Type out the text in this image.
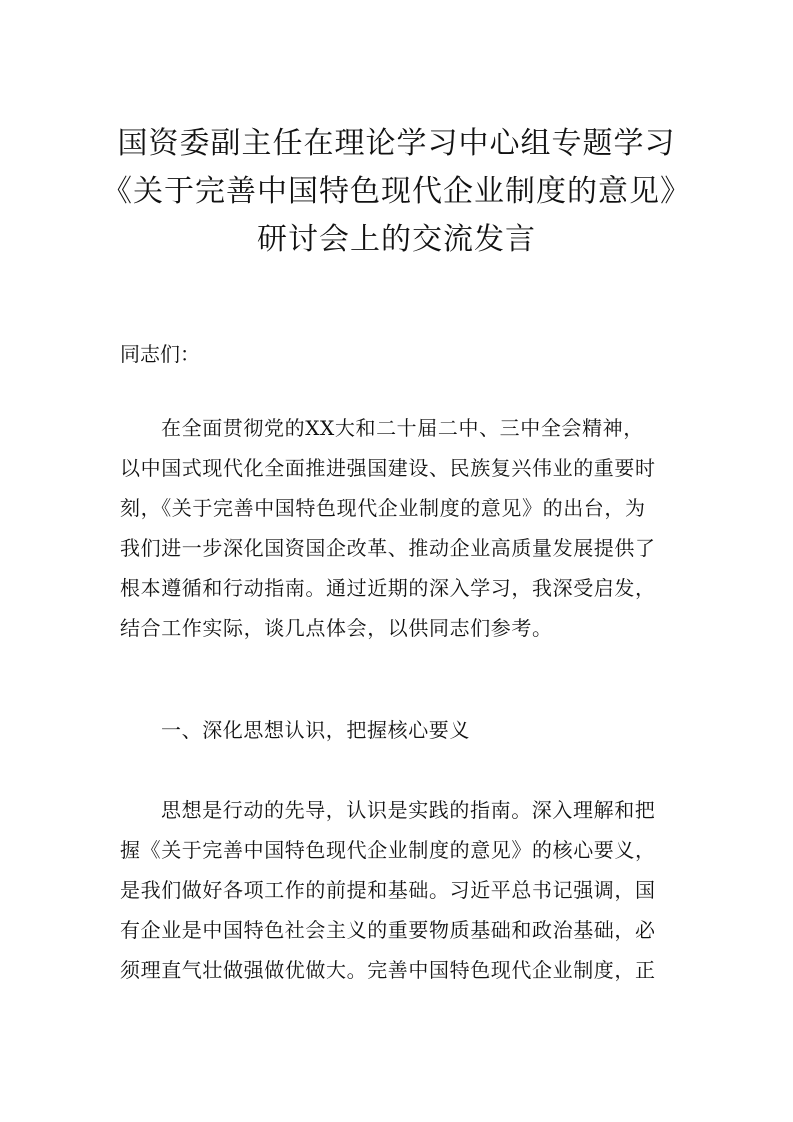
国资委副主任在理论学习中心组专题学习
《关于完善中国特色现代企业制度的意见》
研讨会上的交流发言
同志们：
在全面贯彻党的XX大和二十届二中、三中全会精神，
以中国式现代化全面推进强国建设、民族复兴伟业的重要时
刻，《关于完善中国特色现代企业制度的意见》的出台，为
我们进一步深化国资国企改革、推动企业高质量发展提供了
根本遵循和行动指南。通过近期的深入学习，我深受启发，
结合工作实际，谈几点体会，以供同志们参考。
一、深化思想认识，把握核心要义
思想是行动的先导，认识是实践的指南。深入理解和把
握《关于完善中国特色现代企业制度的意见》的核心要义，
是我们做好各项工作的前提和基础。习近平总书记强调，国
有企业是中国特色社会主义的重要物质基础和政治基础，必
须理直气壮做强做优做大。完善中国特色现代企业制度，正
